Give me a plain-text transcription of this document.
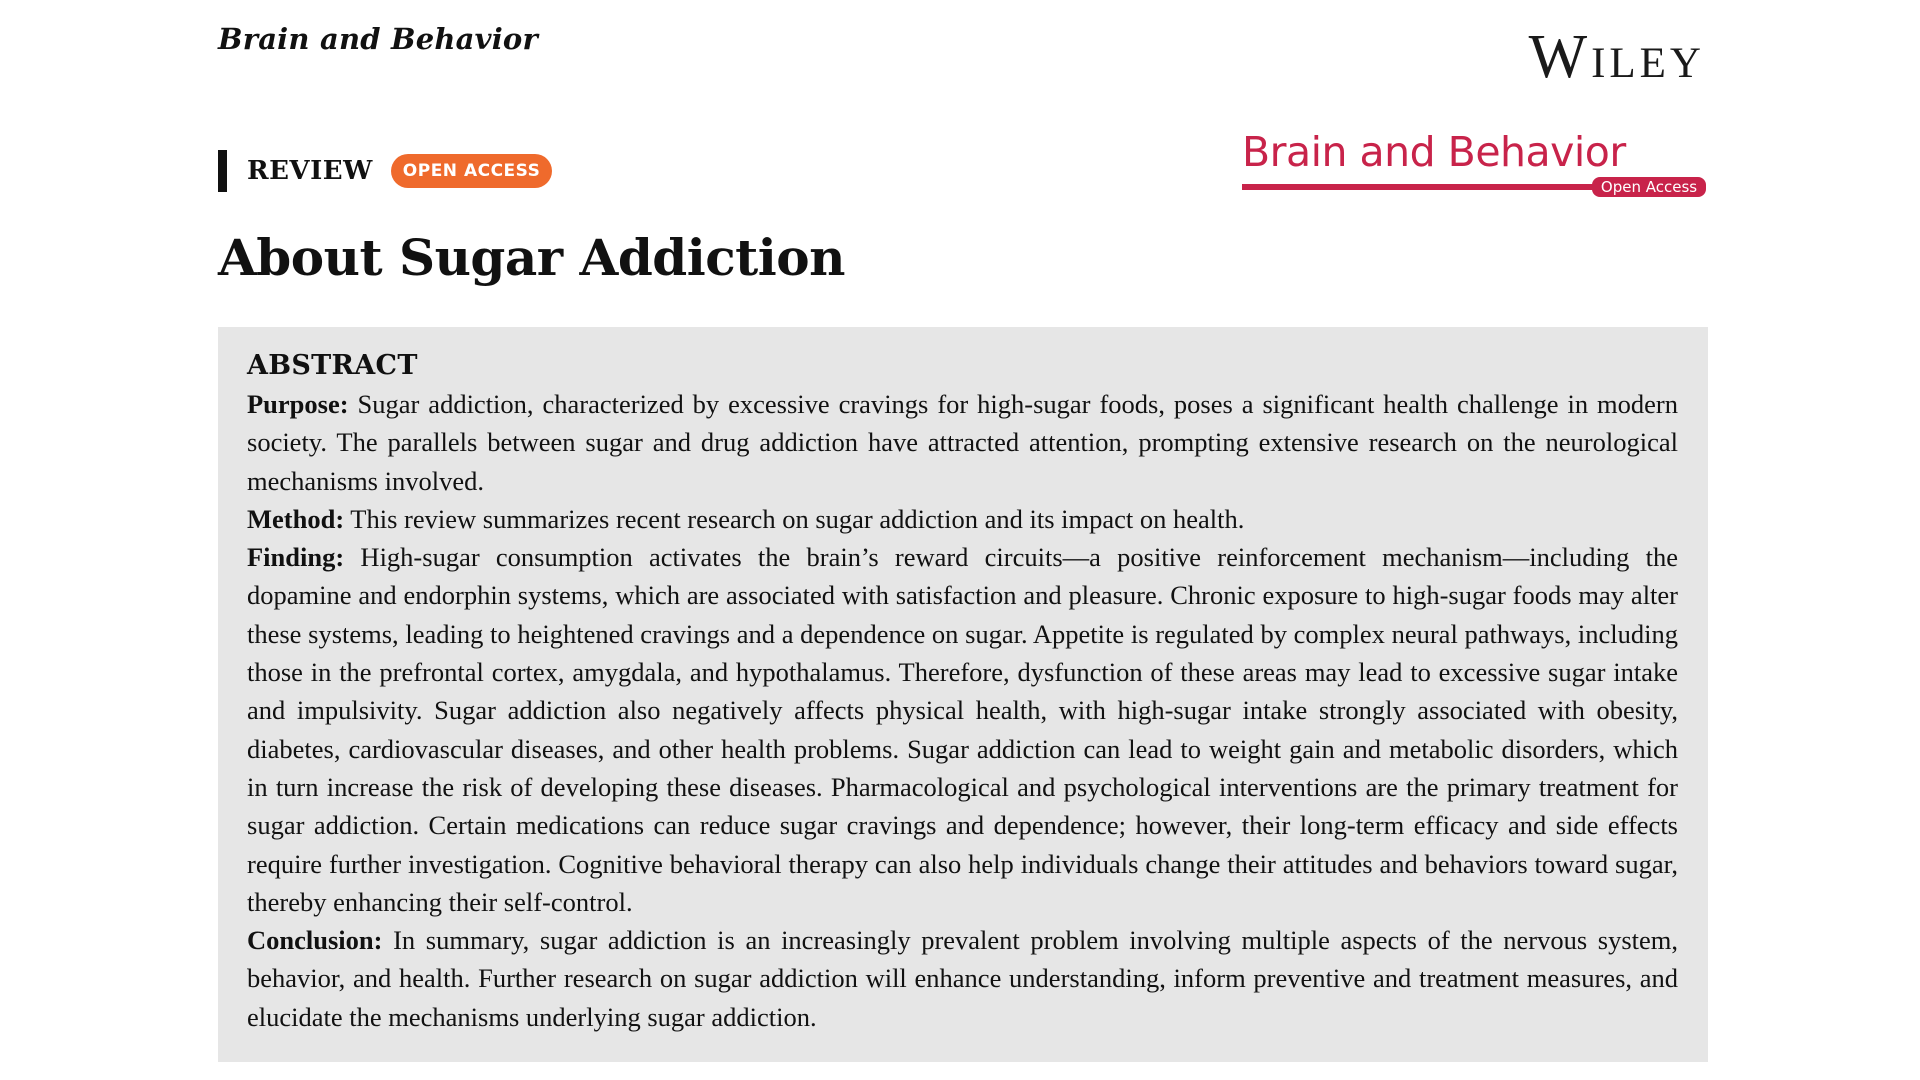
Brain and Behavior	Wiley
Brain and Behavior
Open Access
REVIEW	OPEN ACCESS
About Sugar Addiction
ABSTRACT

Purpose: Sugar addiction, characterized by excessive cravings for high-sugar foods, poses a significant health challenge in modern society. The parallels between sugar and drug addiction have attracted attention, prompting extensive research on the neurological mechanisms involved.

Method: This review summarizes recent research on sugar addiction and its impact on health.

Finding: High-sugar consumption activates the brain’s reward circuits—a positive reinforcement mechanism—including the dopamine and endorphin systems, which are associated with satisfaction and pleasure. Chronic exposure to high-sugar foods may alter these systems, leading to heightened cravings and a dependence on sugar. Appetite is regulated by complex neural pathways, including those in the prefrontal cortex, amygdala, and hypothalamus. Therefore, dysfunction of these areas may lead to excessive sugar intake and impulsivity. Sugar addiction also negatively affects physical health, with high-sugar intake strongly associated with obesity, diabetes, cardiovascular diseases, and other health problems. Sugar addiction can lead to weight gain and metabolic disorders, which in turn increase the risk of developing these diseases. Pharmacological and psychological interventions are the primary treatment for sugar addiction. Certain medications can reduce sugar cravings and dependence; however, their long-term efficacy and side effects require further investigation. Cognitive behavioral therapy can also help individuals change their attitudes and behaviors toward sugar, thereby enhancing their self-control.

Conclusion: In summary, sugar addiction is an increasingly prevalent problem involving multiple aspects of the nervous system, behavior, and health. Further research on sugar addiction will enhance understanding, inform preventive and treatment measures, and elucidate the mechanisms underlying sugar addiction.
